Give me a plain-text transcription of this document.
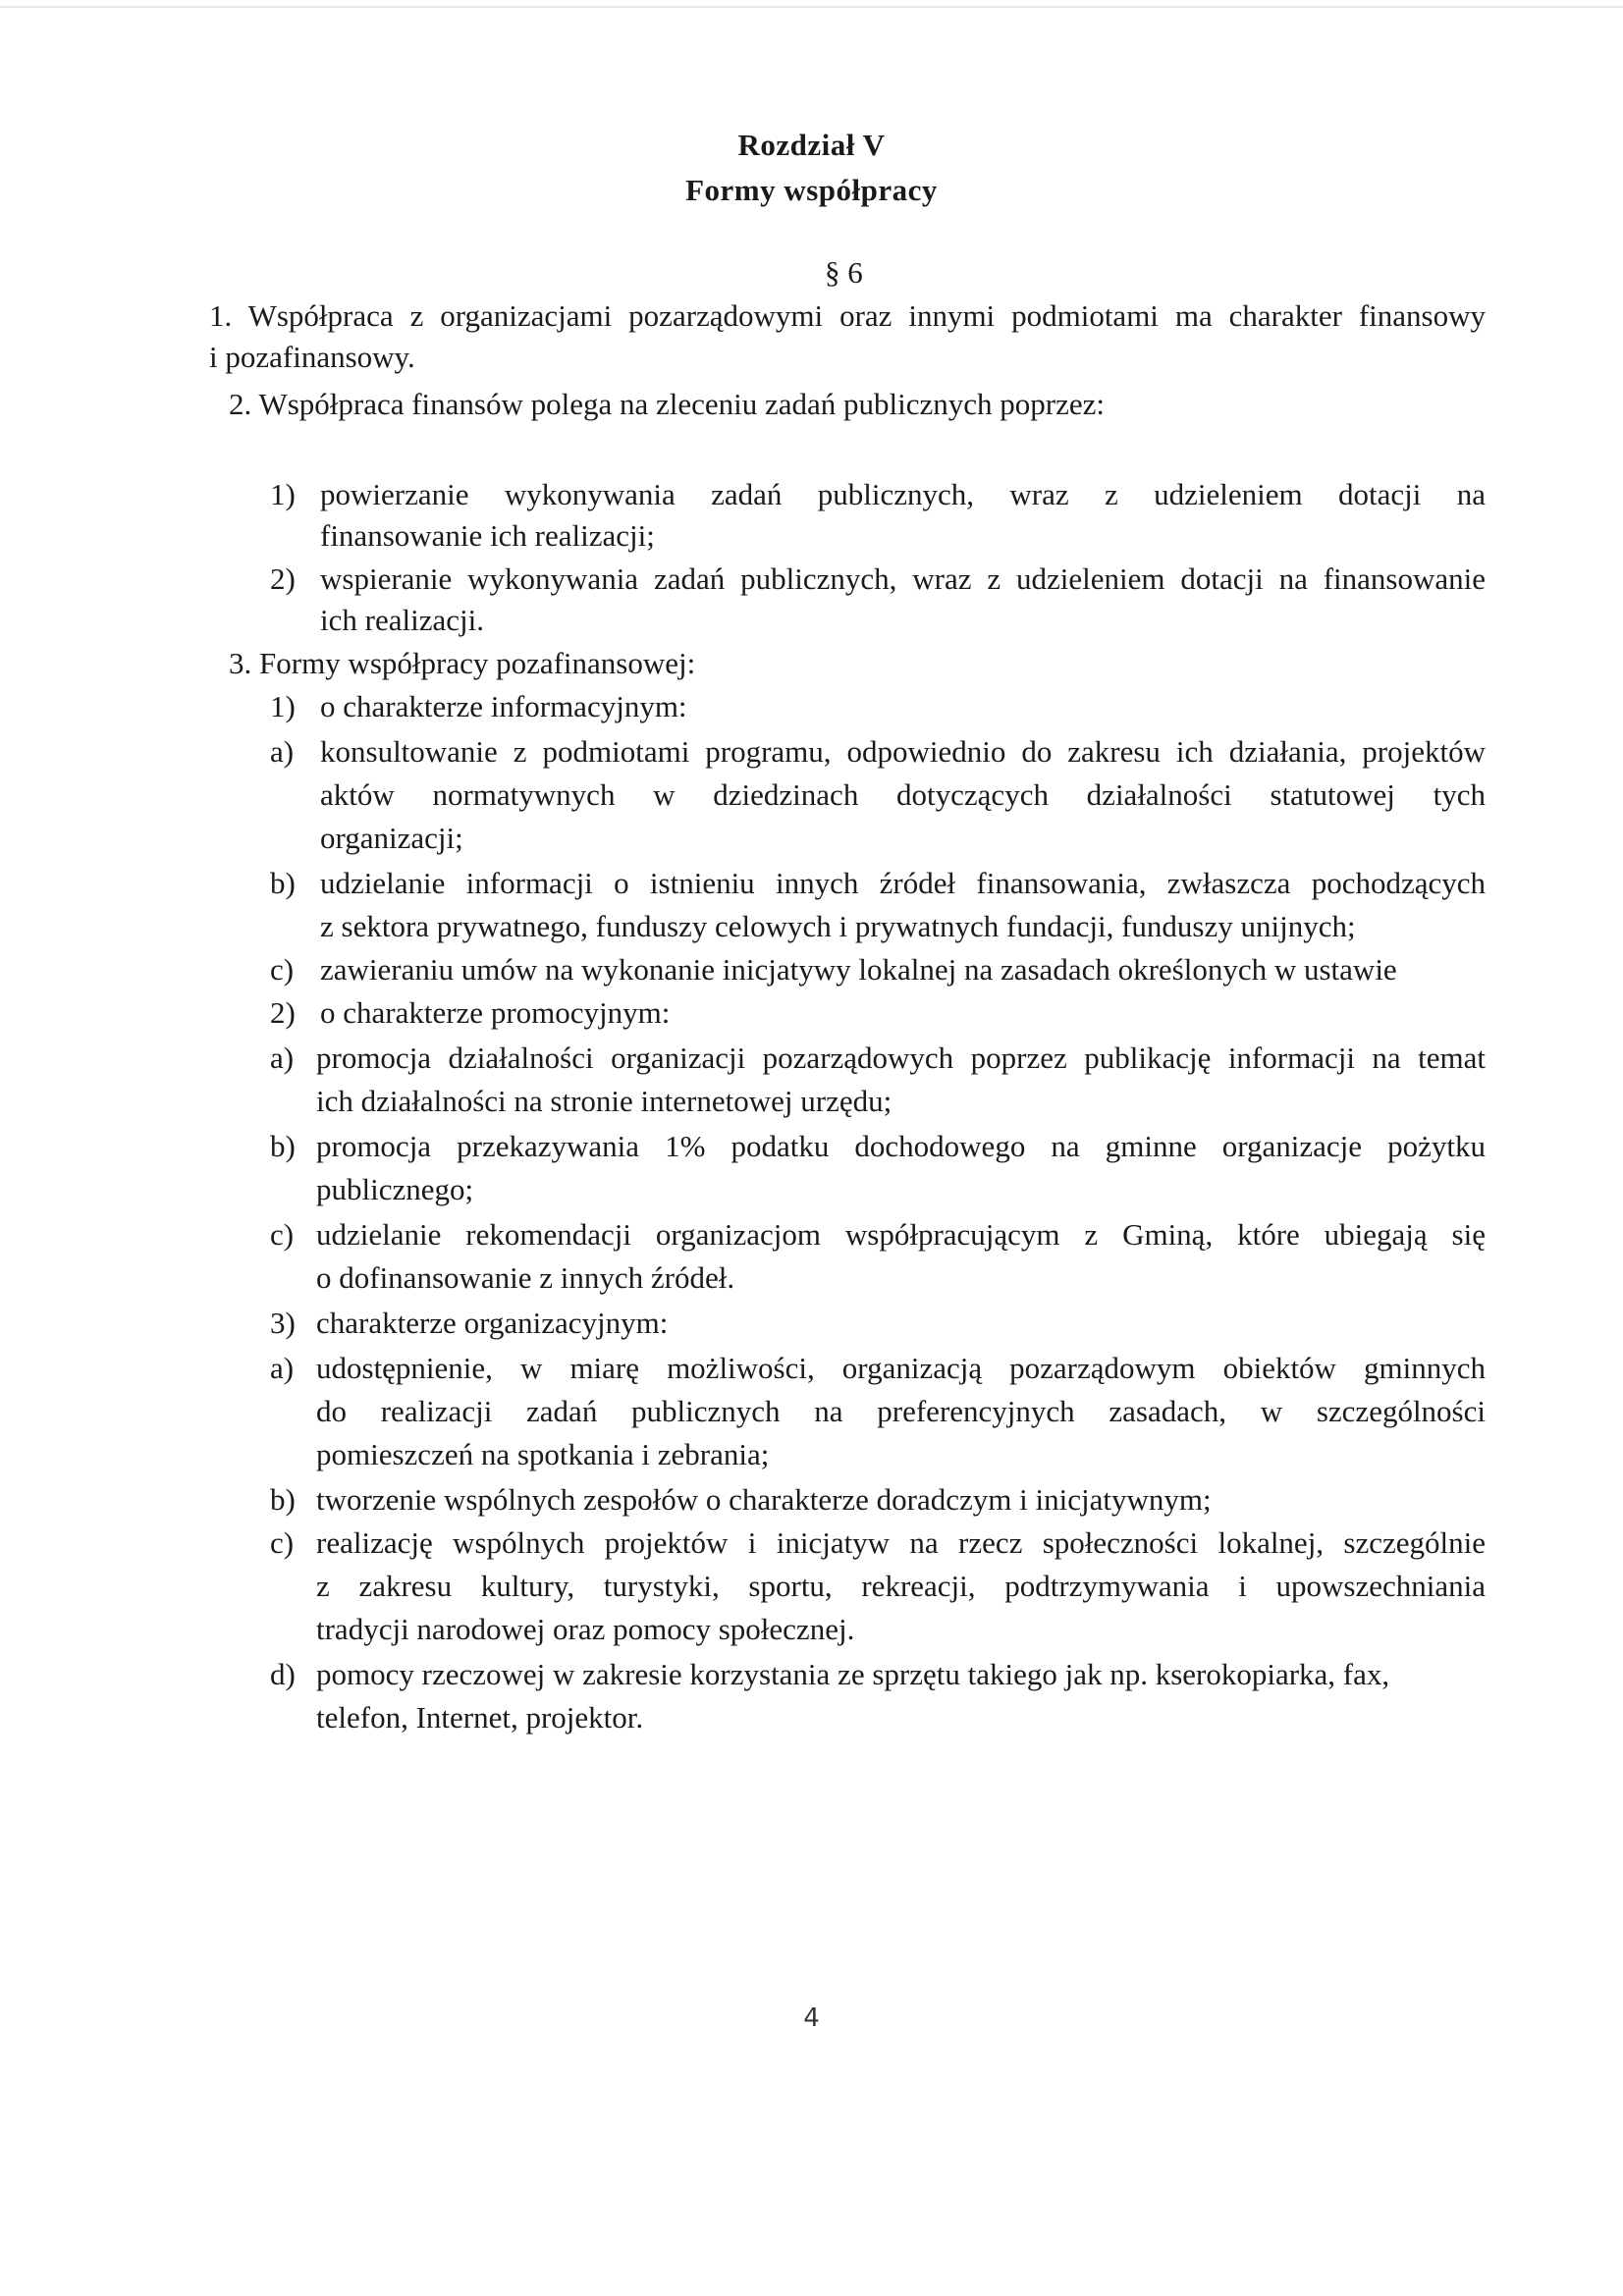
Rozdział V
Formy współpracy
§ 6
1. Współpraca z organizacjami pozarządowymi oraz innymi podmiotami ma charakter finansowy
i pozafinansowy.
2. Współpraca finansów polega na zleceniu zadań publicznych poprzez:
1) powierzanie wykonywania zadań publicznych, wraz z udzieleniem dotacji na
finansowanie ich realizacji;
2) wspieranie wykonywania zadań publicznych, wraz z udzieleniem dotacji na finansowanie
ich realizacji.
3. Formy współpracy pozafinansowej:
1) o charakterze informacyjnym:
a) konsultowanie z podmiotami programu, odpowiednio do zakresu ich działania, projektów
aktów normatywnych w dziedzinach dotyczących działalności statutowej tych
organizacji;
b) udzielanie informacji o istnieniu innych źródeł finansowania, zwłaszcza pochodzących
z sektora prywatnego, funduszy celowych i prywatnych fundacji, funduszy unijnych;
c) zawieraniu umów na wykonanie inicjatywy lokalnej na zasadach określonych w ustawie
2) o charakterze promocyjnym:
a) promocja działalności organizacji pozarządowych poprzez publikację informacji na temat
ich działalności na stronie internetowej urzędu;
b) promocja przekazywania 1% podatku dochodowego na gminne organizacje pożytku
publicznego;
c) udzielanie rekomendacji organizacjom współpracującym z Gminą, które ubiegają się
o dofinansowanie z innych źródeł.
3) charakterze organizacyjnym:
a) udostępnienie, w miarę możliwości, organizacją pozarządowym obiektów gminnych
do realizacji zadań publicznych na preferencyjnych zasadach, w szczególności
pomieszczeń na spotkania i zebrania;
b) tworzenie wspólnych zespołów o charakterze doradczym i inicjatywnym;
c) realizację wspólnych projektów i inicjatyw na rzecz społeczności lokalnej, szczególnie
z zakresu kultury, turystyki, sportu, rekreacji, podtrzymywania i upowszechniania
tradycji narodowej oraz pomocy społecznej.
d) pomocy rzeczowej w zakresie korzystania ze sprzętu takiego jak np. kserokopiarka, fax,
telefon, Internet, projektor.
4
